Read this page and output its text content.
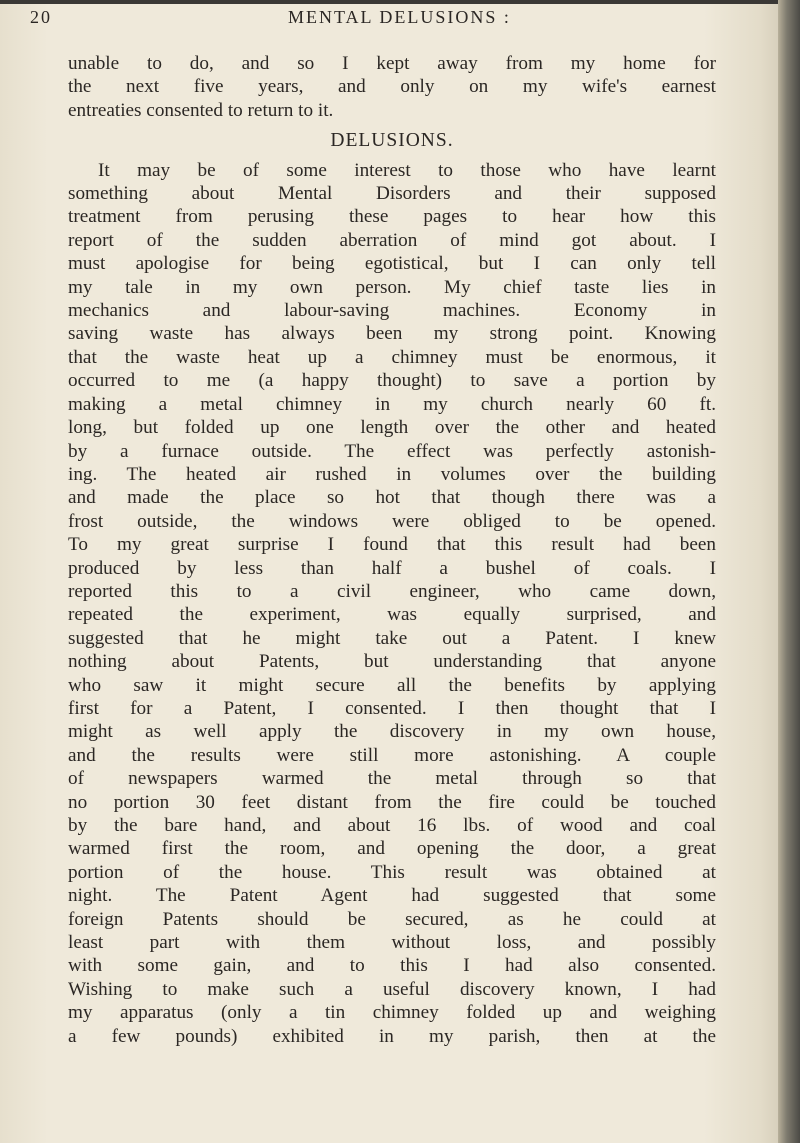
20	MENTAL DELUSIONS :

unable to do, and so I kept away from my home for
the next five years, and only on my wife's earnest
entreaties consented to return to it.

DELUSIONS.

It may be of some interest to those who have learnt
something about Mental Disorders and their supposed
treatment from perusing these pages to hear how this
report of the sudden aberration of mind got about. I
must apologise for being egotistical, but I can only tell
my tale in my own person. My chief taste lies in
mechanics and labour-saving machines. Economy in
saving waste has always been my strong point. Knowing
that the waste heat up a chimney must be enormous, it
occurred to me (a happy thought) to save a portion by
making a metal chimney in my church nearly 60 ft.
long, but folded up one length over the other and heated
by a furnace outside. The effect was perfectly astonish-
ing. The heated air rushed in volumes over the building
and made the place so hot that though there was a
frost outside, the windows were obliged to be opened.
To my great surprise I found that this result had been
produced by less than half a bushel of coals. I
reported this to a civil engineer, who came down,
repeated the experiment, was equally surprised, and
suggested that he might take out a Patent. I knew
nothing about Patents, but understanding that anyone
who saw it might secure all the benefits by applying
first for a Patent, I consented. I then thought that I
might as well apply the discovery in my own house,
and the results were still more astonishing. A couple
of newspapers warmed the metal through so that
no portion 30 feet distant from the fire could be touched
by the bare hand, and about 16 lbs. of wood and coal
warmed first the room, and opening the door, a great
portion of the house. This result was obtained at
night. The Patent Agent had suggested that some
foreign Patents should be secured, as he could at
least part with them without loss, and possibly
with some gain, and to this I had also consented.
Wishing to make such a useful discovery known, I had
my apparatus (only a tin chimney folded up and weighing
a few pounds) exhibited in my parish, then at the
